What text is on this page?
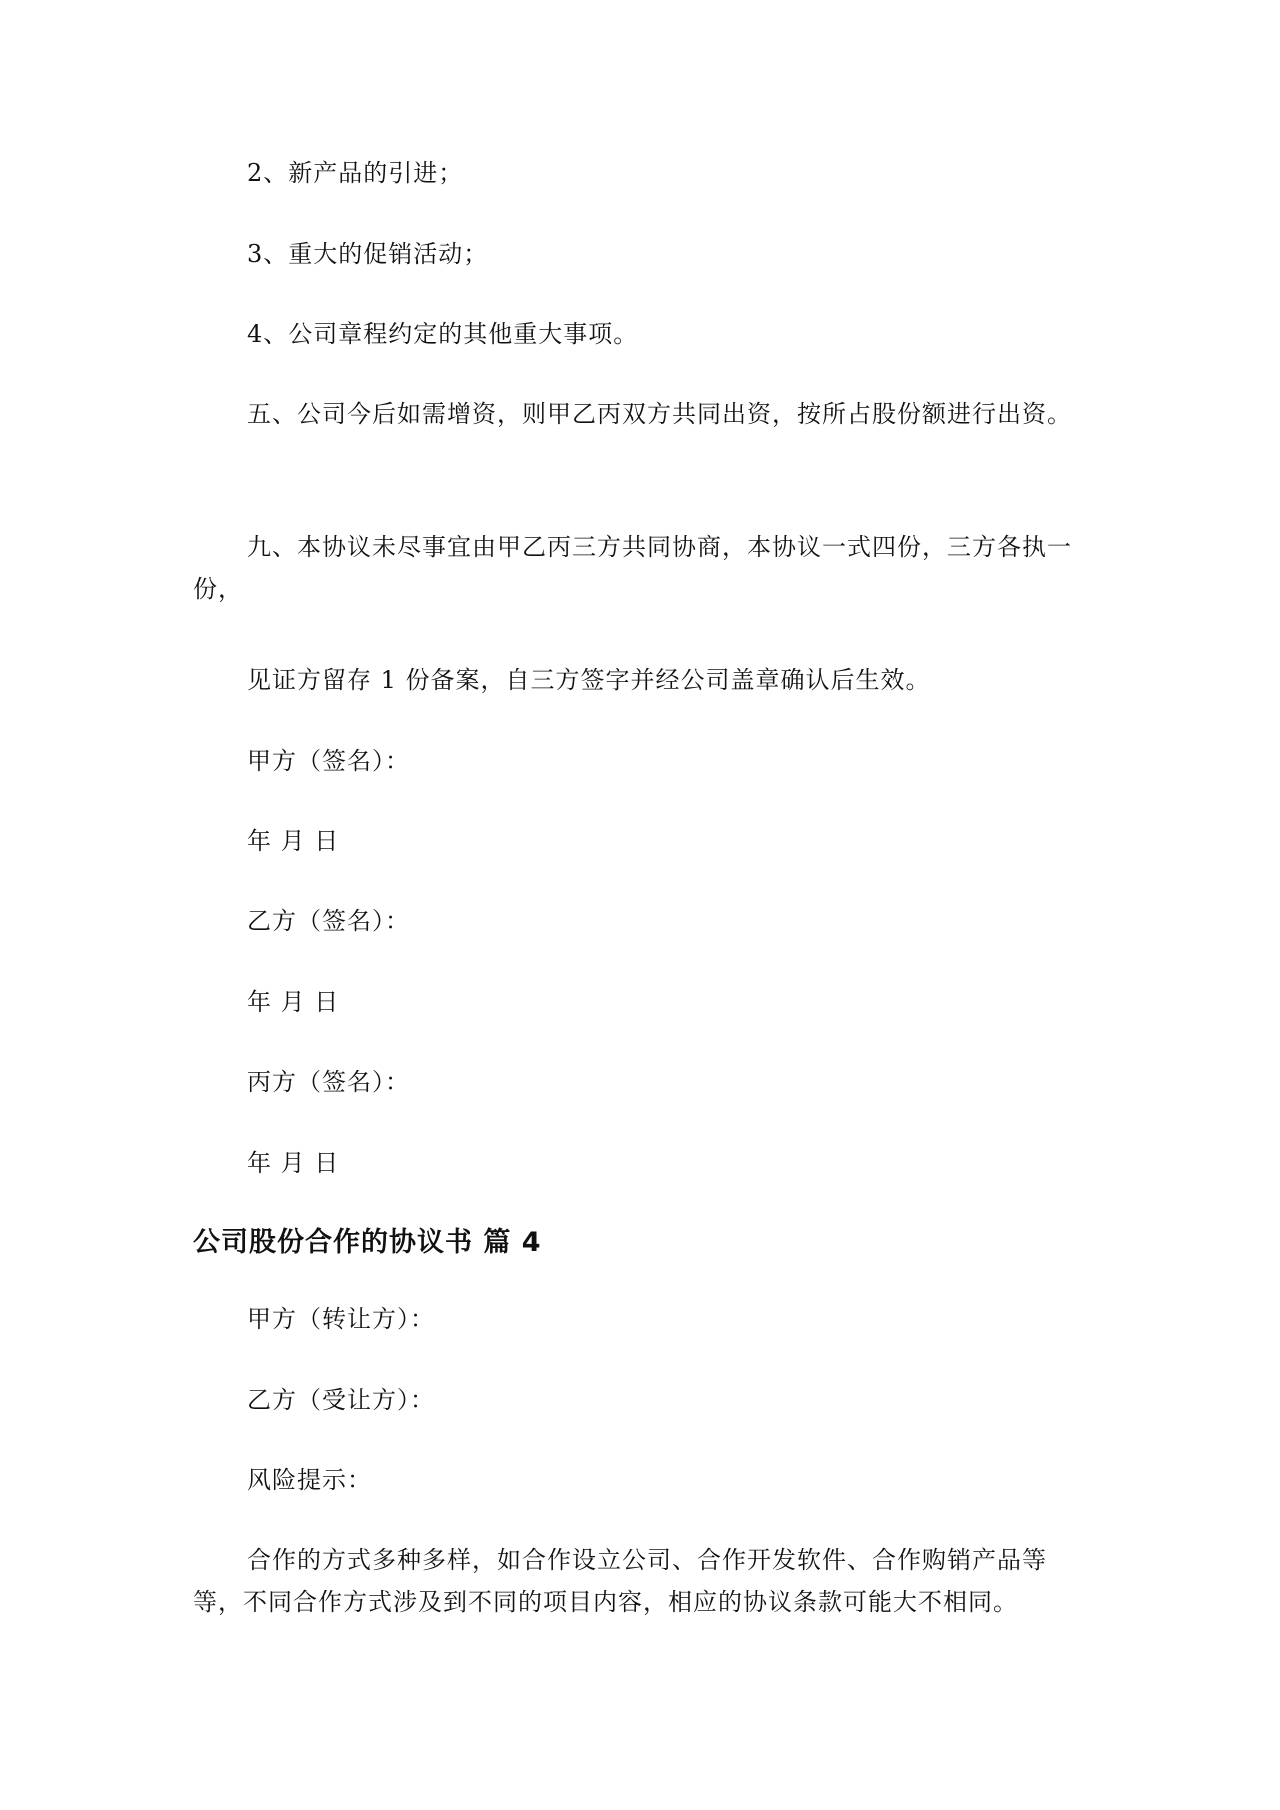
2、新产品的引进；

3、重大的促销活动；

4、公司章程约定的其他重大事项。

五、公司今后如需增资，则甲乙丙双方共同出资，按所占股份额进行出资。

九、本协议未尽事宜由甲乙丙三方共同协商，本协议一式四份，三方各执一份，

见证方留存 1 份备案，自三方签字并经公司盖章确认后生效。

甲方（签名）：

年 月 日

乙方（签名）：

年 月 日

丙方（签名）：

年 月 日

公司股份合作的协议书 篇 4

甲方（转让方）：

乙方（受让方）：

风险提示：

合作的方式多种多样，如合作设立公司、合作开发软件、合作购销产品等等，不同合作方式涉及到不同的项目内容，相应的协议条款可能大不相同。
